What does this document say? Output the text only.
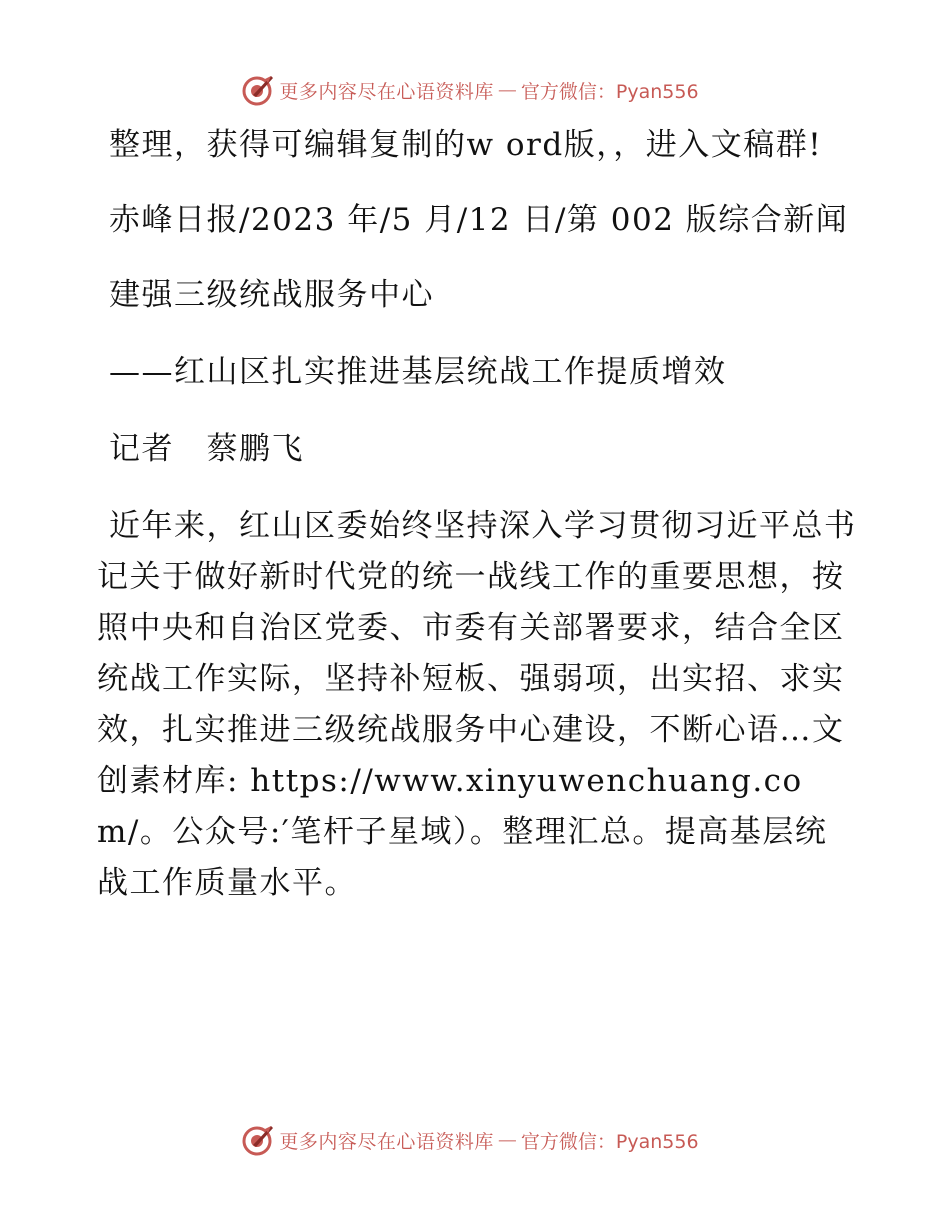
更多内容尽在心语资料库 — 官方微信：Pyan556

整理，获得可编辑复制的w ord版，，进入文稿群!

赤峰日报/2023 年/5 月/12 日/第 002 版综合新闻

建强三级统战服务中心

——红山区扎实推进基层统战工作提质增效

记者　蔡鹏飞

近年来，红山区委始终坚持深入学习贯彻习近平总书记关于做好新时代党的统一战线工作的重要思想，按照中央和自治区党委、市委有关部署要求，结合全区统战工作实际，坚持补短板、强弱项，出实招、求实效，扎实推进三级统战服务中心建设，不断心语…文创素材库: https://www.xinyuwenchuang.com/。公众号:′笔杆子星域）。整理汇总。提高基层统战工作质量水平。

更多内容尽在心语资料库 — 官方微信：Pyan556
